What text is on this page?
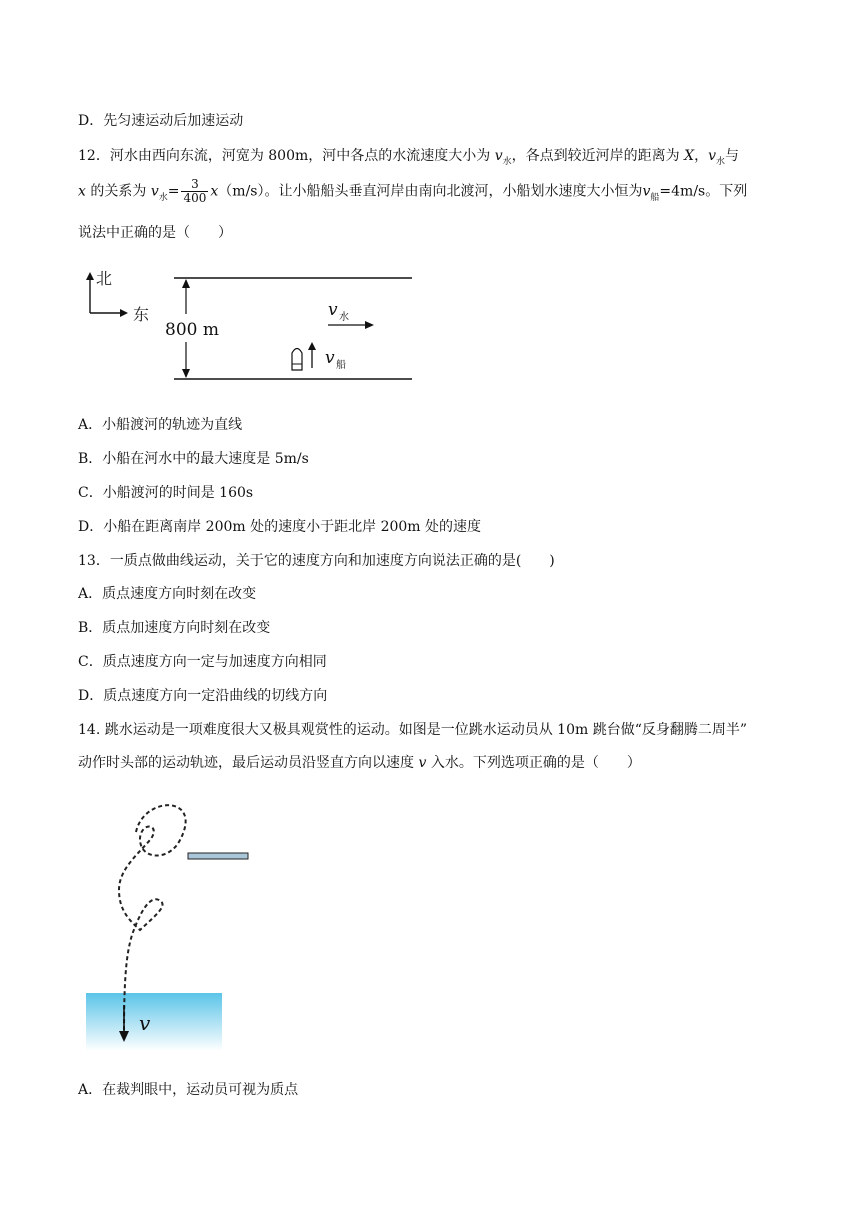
D．先匀速运动后加速运动
12．河水由西向东流，河宽为 800m，河中各点的水流速度大小为 $v_水$，各点到较近河岸的距离为 X，$v_水$与
x 的关系为 $v_水= \frac{3}{400} x(m/s)$。让小船船头垂直河岸由南向北渡河，小船划水速度大小恒为$v_船=4m/s$。下列
说法中正确的是（　　）
北
东
800 m
v 水
v 船
A．小船渡河的轨迹为直线
B．小船在河水中的最大速度是 5m/s
C．小船渡河的时间是 160s
D．小船在距离南岸 200m 处的速度小于距北岸 200m 处的速度
13．一质点做曲线运动，关于它的速度方向和加速度方向说法正确的是(　　)
A．质点速度方向时刻在改变
B．质点加速度方向时刻在改变
C．质点速度方向一定与加速度方向相同
D．质点速度方向一定沿曲线的切线方向
14. 跳水运动是一项难度很大又极具观赏性的运动。如图是一位跳水运动员从 10m 跳台做“反身翻腾二周半”
动作时头部的运动轨迹，最后运动员沿竖直方向以速度 v 入水。下列选项正确的是（　　）
v
A．在裁判眼中，运动员可视为质点
